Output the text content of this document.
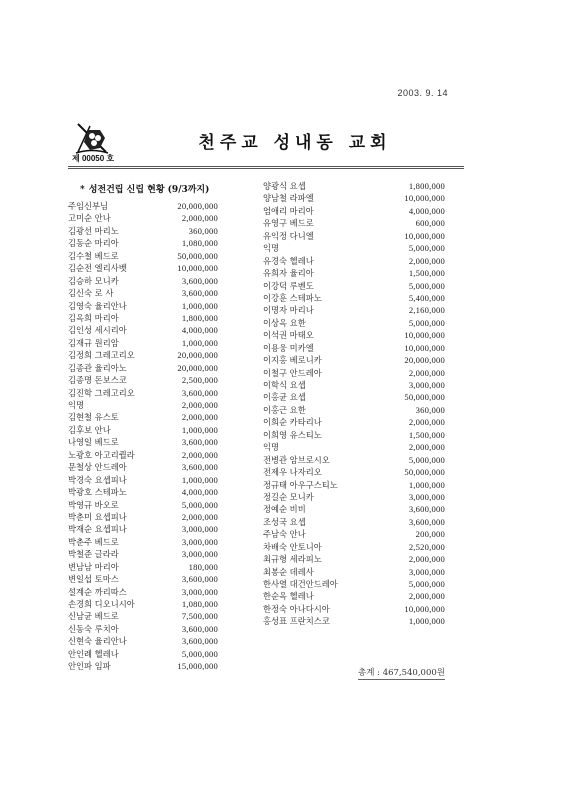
2003. 9. 14
제 00050 호
천주교 성내동 교회
* 성전건립 신립 현황 (9/3까지)
주임신부님	20,000,000
고미순 안나	2,000,000
김광선 마리노	360,000
김동순 마리아	1,080,000
김수철 베드로	50,000,000
김순전 엘리사벳	10,000,000
김승하 모니카	3,600,000
김신숙 로 사	3,600,000
김영숙 율리안나	1,000,000
김옥희 마리아	1,800,000
김인성 세시리아	4,000,000
김재규 원리암	1,000,000
김정희 그레고리오	20,000,000
김종관 율리아노	20,000,000
김종명 돈보스코	2,500,000
김진학 그레고리오	3,600,000
익명	2,000,000
김현철 유스토	2,000,000
김후보 안나	1,000,000
나영일 베드로	3,600,000
노광호 아고리퀄라	2,000,000
문철상 안드레아	3,600,000
박경숙 요셉피나	1,000,000
박광호 스테파노	4,000,000
박영규 바오로	5,000,000
박춘미 요셉피나	2,000,000
박재순 요셉피나	3,000,000
박춘주 베드로	3,000,000
박철준 글라라	3,000,000
변남남 마리아	180,000
변일섭 토마스	3,600,000
설계순 까리따스	3,000,000
손경희 디오니시아	1,080,000
신남균 베드로	7,500,000
신동숙 루치아	3,600,000
신현숙 율리안나	3,600,000
안인례 헬레나	5,000,000
안인파 임파	15,000,000
양광식 요셉	1,800,000
양남철 라파엘	10,000,000
엄애리 마리아	4,000,000
유영구 베드로	600,000
유익정 다니엘	10,000,000
익명	5,000,000
유경숙 헬레나	2,000,000
유희자 율리아	1,500,000
이강덕 루벤도	5,000,000
이강훈 스테파노	5,400,000
이명자 마리나	2,160,000
이상옥 요한	5,000,000
이석권 마태오	10,000,000
이용웅 미카엘	10,000,000
이지홍 베로니카	20,000,000
이철구 안드레아	2,000,000
이학식 요셉	3,000,000
이홍균 요셉	50,000,000
이홍근 요한	360,000
이희순 카타리나	2,000,000
이희영 유스티노	1,500,000
익명	2,000,000
전병관 암브로시오	5,000,000
전제우 나자리오	50,000,000
정규태 아우구스티노	1,000,000
정길순 모니카	3,000,000
정예순 비비	3,600,000
조성국 요셉	3,600,000
주남숙 안나	200,000
차배숙 안토니아	2,520,000
최규형 세라피노	2,000,000
최봉순 데레사	3,000,000
한사열 대건안드레아	5,000,000
한순옥 헬레나	2,000,000
한정숙 아나다시아	10,000,000
홍성표 프란치스코	1,000,000
총계 : 467,540,000원
